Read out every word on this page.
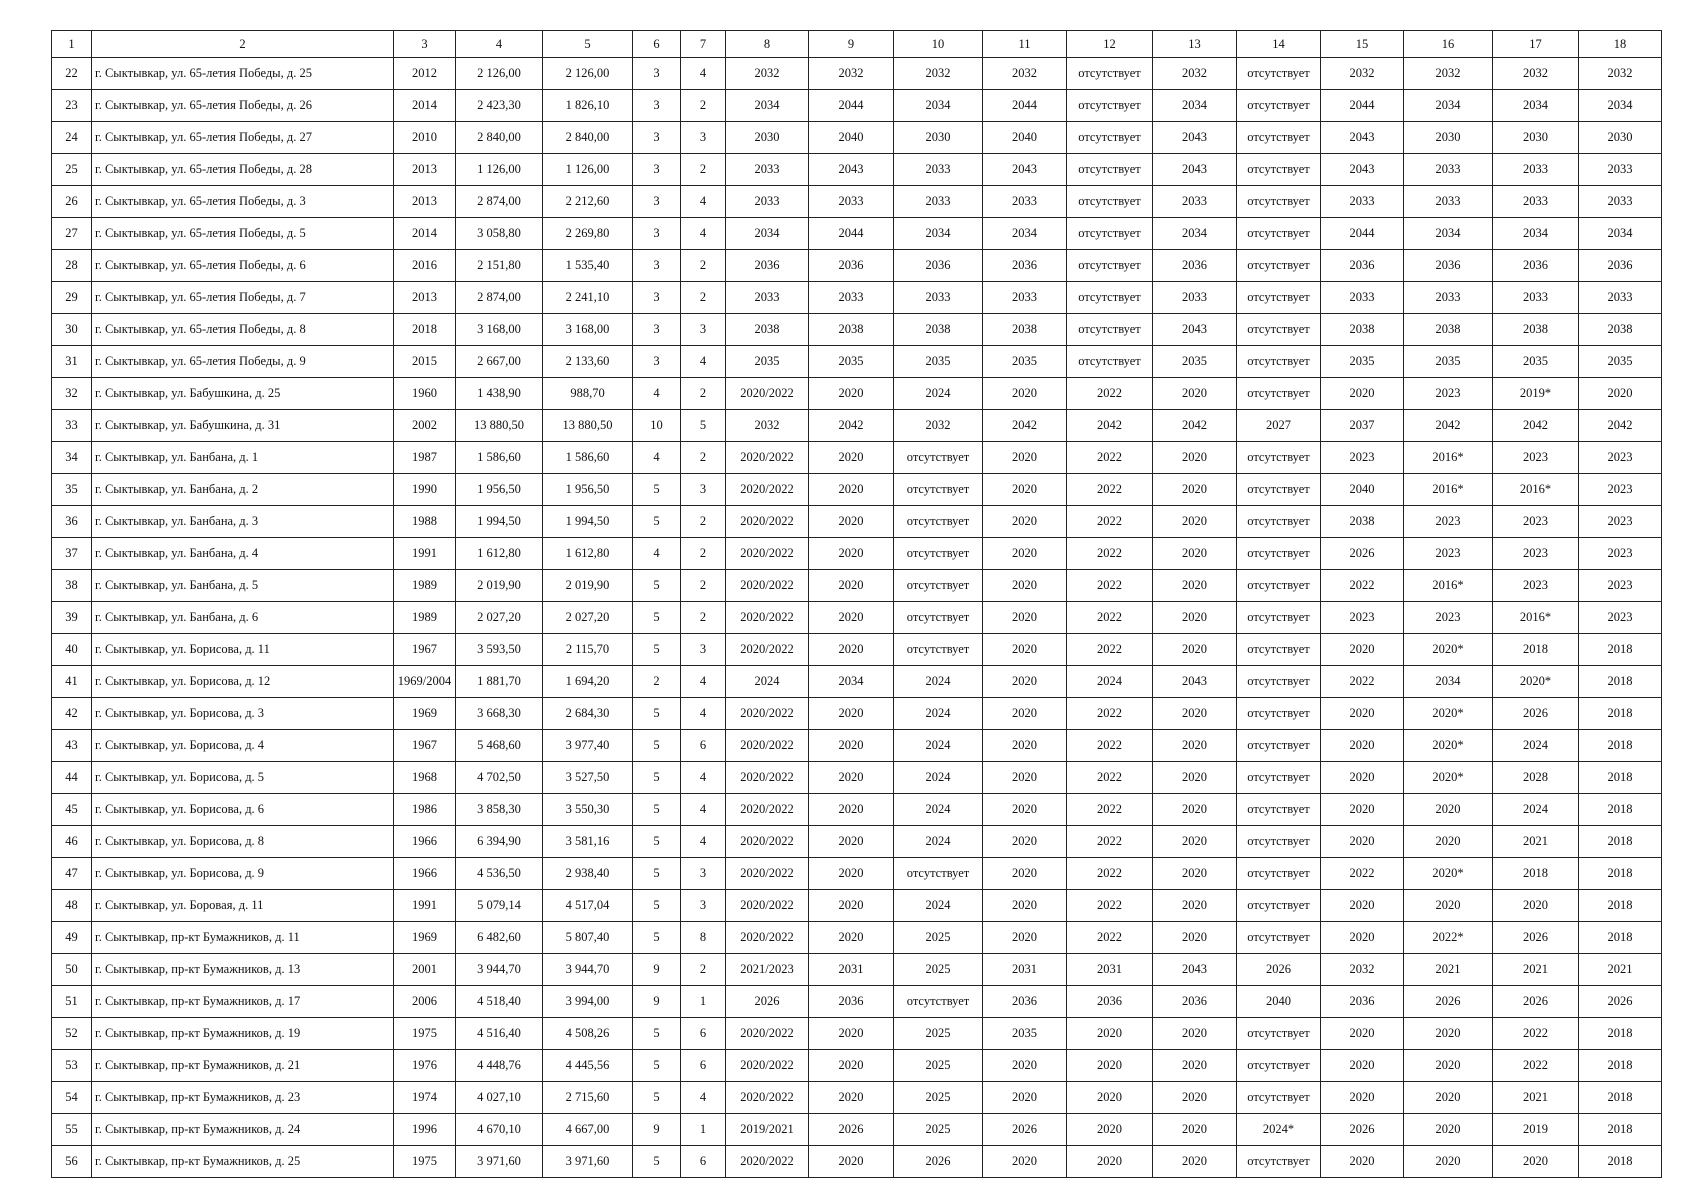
1	2	3	4	5	6	7	8	9	10	11	12	13	14	15	16	17	18
22	г. Сыктывкар, ул. 65-летия Победы, д. 25	2012	2 126,00	2 126,00	3	4	2032	2032	2032	2032	отсутствует	2032	отсутствует	2032	2032	2032	2032
23	г. Сыктывкар, ул. 65-летия Победы, д. 26	2014	2 423,30	1 826,10	3	2	2034	2044	2034	2044	отсутствует	2034	отсутствует	2044	2034	2034	2034
24	г. Сыктывкар, ул. 65-летия Победы, д. 27	2010	2 840,00	2 840,00	3	3	2030	2040	2030	2040	отсутствует	2043	отсутствует	2043	2030	2030	2030
25	г. Сыктывкар, ул. 65-летия Победы, д. 28	2013	1 126,00	1 126,00	3	2	2033	2043	2033	2043	отсутствует	2043	отсутствует	2043	2033	2033	2033
26	г. Сыктывкар, ул. 65-летия Победы, д. 3	2013	2 874,00	2 212,60	3	4	2033	2033	2033	2033	отсутствует	2033	отсутствует	2033	2033	2033	2033
27	г. Сыктывкар, ул. 65-летия Победы, д. 5	2014	3 058,80	2 269,80	3	4	2034	2044	2034	2034	отсутствует	2034	отсутствует	2044	2034	2034	2034
28	г. Сыктывкар, ул. 65-летия Победы, д. 6	2016	2 151,80	1 535,40	3	2	2036	2036	2036	2036	отсутствует	2036	отсутствует	2036	2036	2036	2036
29	г. Сыктывкар, ул. 65-летия Победы, д. 7	2013	2 874,00	2 241,10	3	2	2033	2033	2033	2033	отсутствует	2033	отсутствует	2033	2033	2033	2033
30	г. Сыктывкар, ул. 65-летия Победы, д. 8	2018	3 168,00	3 168,00	3	3	2038	2038	2038	2038	отсутствует	2043	отсутствует	2038	2038	2038	2038
31	г. Сыктывкар, ул. 65-летия Победы, д. 9	2015	2 667,00	2 133,60	3	4	2035	2035	2035	2035	отсутствует	2035	отсутствует	2035	2035	2035	2035
32	г. Сыктывкар, ул. Бабушкина, д. 25	1960	1 438,90	988,70	4	2	2020/2022	2020	2024	2020	2022	2020	отсутствует	2020	2023	2019*	2020
33	г. Сыктывкар, ул. Бабушкина, д. 31	2002	13 880,50	13 880,50	10	5	2032	2042	2032	2042	2042	2042	2027	2037	2042	2042	2042
34	г. Сыктывкар, ул. Банбана, д. 1	1987	1 586,60	1 586,60	4	2	2020/2022	2020	отсутствует	2020	2022	2020	отсутствует	2023	2016*	2023	2023
35	г. Сыктывкар, ул. Банбана, д. 2	1990	1 956,50	1 956,50	5	3	2020/2022	2020	отсутствует	2020	2022	2020	отсутствует	2040	2016*	2016*	2023
36	г. Сыктывкар, ул. Банбана, д. 3	1988	1 994,50	1 994,50	5	2	2020/2022	2020	отсутствует	2020	2022	2020	отсутствует	2038	2023	2023	2023
37	г. Сыктывкар, ул. Банбана, д. 4	1991	1 612,80	1 612,80	4	2	2020/2022	2020	отсутствует	2020	2022	2020	отсутствует	2026	2023	2023	2023
38	г. Сыктывкар, ул. Банбана, д. 5	1989	2 019,90	2 019,90	5	2	2020/2022	2020	отсутствует	2020	2022	2020	отсутствует	2022	2016*	2023	2023
39	г. Сыктывкар, ул. Банбана, д. 6	1989	2 027,20	2 027,20	5	2	2020/2022	2020	отсутствует	2020	2022	2020	отсутствует	2023	2023	2016*	2023
40	г. Сыктывкар, ул. Борисова, д. 11	1967	3 593,50	2 115,70	5	3	2020/2022	2020	отсутствует	2020	2022	2020	отсутствует	2020	2020*	2018	2018
41	г. Сыктывкар, ул. Борисова, д. 12	1969/2004	1 881,70	1 694,20	2	4	2024	2034	2024	2020	2024	2043	отсутствует	2022	2034	2020*	2018
42	г. Сыктывкар, ул. Борисова, д. 3	1969	3 668,30	2 684,30	5	4	2020/2022	2020	2024	2020	2022	2020	отсутствует	2020	2020*	2026	2018
43	г. Сыктывкар, ул. Борисова, д. 4	1967	5 468,60	3 977,40	5	6	2020/2022	2020	2024	2020	2022	2020	отсутствует	2020	2020*	2024	2018
44	г. Сыктывкар, ул. Борисова, д. 5	1968	4 702,50	3 527,50	5	4	2020/2022	2020	2024	2020	2022	2020	отсутствует	2020	2020*	2028	2018
45	г. Сыктывкар, ул. Борисова, д. 6	1986	3 858,30	3 550,30	5	4	2020/2022	2020	2024	2020	2022	2020	отсутствует	2020	2020	2024	2018
46	г. Сыктывкар, ул. Борисова, д. 8	1966	6 394,90	3 581,16	5	4	2020/2022	2020	2024	2020	2022	2020	отсутствует	2020	2020	2021	2018
47	г. Сыктывкар, ул. Борисова, д. 9	1966	4 536,50	2 938,40	5	3	2020/2022	2020	отсутствует	2020	2022	2020	отсутствует	2022	2020*	2018	2018
48	г. Сыктывкар, ул. Боровая, д. 11	1991	5 079,14	4 517,04	5	3	2020/2022	2020	2024	2020	2022	2020	отсутствует	2020	2020	2020	2018
49	г. Сыктывкар, пр-кт Бумажников, д. 11	1969	6 482,60	5 807,40	5	8	2020/2022	2020	2025	2020	2022	2020	отсутствует	2020	2022*	2026	2018
50	г. Сыктывкар, пр-кт Бумажников, д. 13	2001	3 944,70	3 944,70	9	2	2021/2023	2031	2025	2031	2031	2043	2026	2032	2021	2021	2021
51	г. Сыктывкар, пр-кт Бумажников, д. 17	2006	4 518,40	3 994,00	9	1	2026	2036	отсутствует	2036	2036	2036	2040	2036	2026	2026	2026
52	г. Сыктывкар, пр-кт Бумажников, д. 19	1975	4 516,40	4 508,26	5	6	2020/2022	2020	2025	2035	2020	2020	отсутствует	2020	2020	2022	2018
53	г. Сыктывкар, пр-кт Бумажников, д. 21	1976	4 448,76	4 445,56	5	6	2020/2022	2020	2025	2020	2020	2020	отсутствует	2020	2020	2022	2018
54	г. Сыктывкар, пр-кт Бумажников, д. 23	1974	4 027,10	2 715,60	5	4	2020/2022	2020	2025	2020	2020	2020	отсутствует	2020	2020	2021	2018
55	г. Сыктывкар, пр-кт Бумажников, д. 24	1996	4 670,10	4 667,00	9	1	2019/2021	2026	2025	2026	2020	2020	2024*	2026	2020	2019	2018
56	г. Сыктывкар, пр-кт Бумажников, д. 25	1975	3 971,60	3 971,60	5	6	2020/2022	2020	2026	2020	2020	2020	отсутствует	2020	2020	2020	2018
